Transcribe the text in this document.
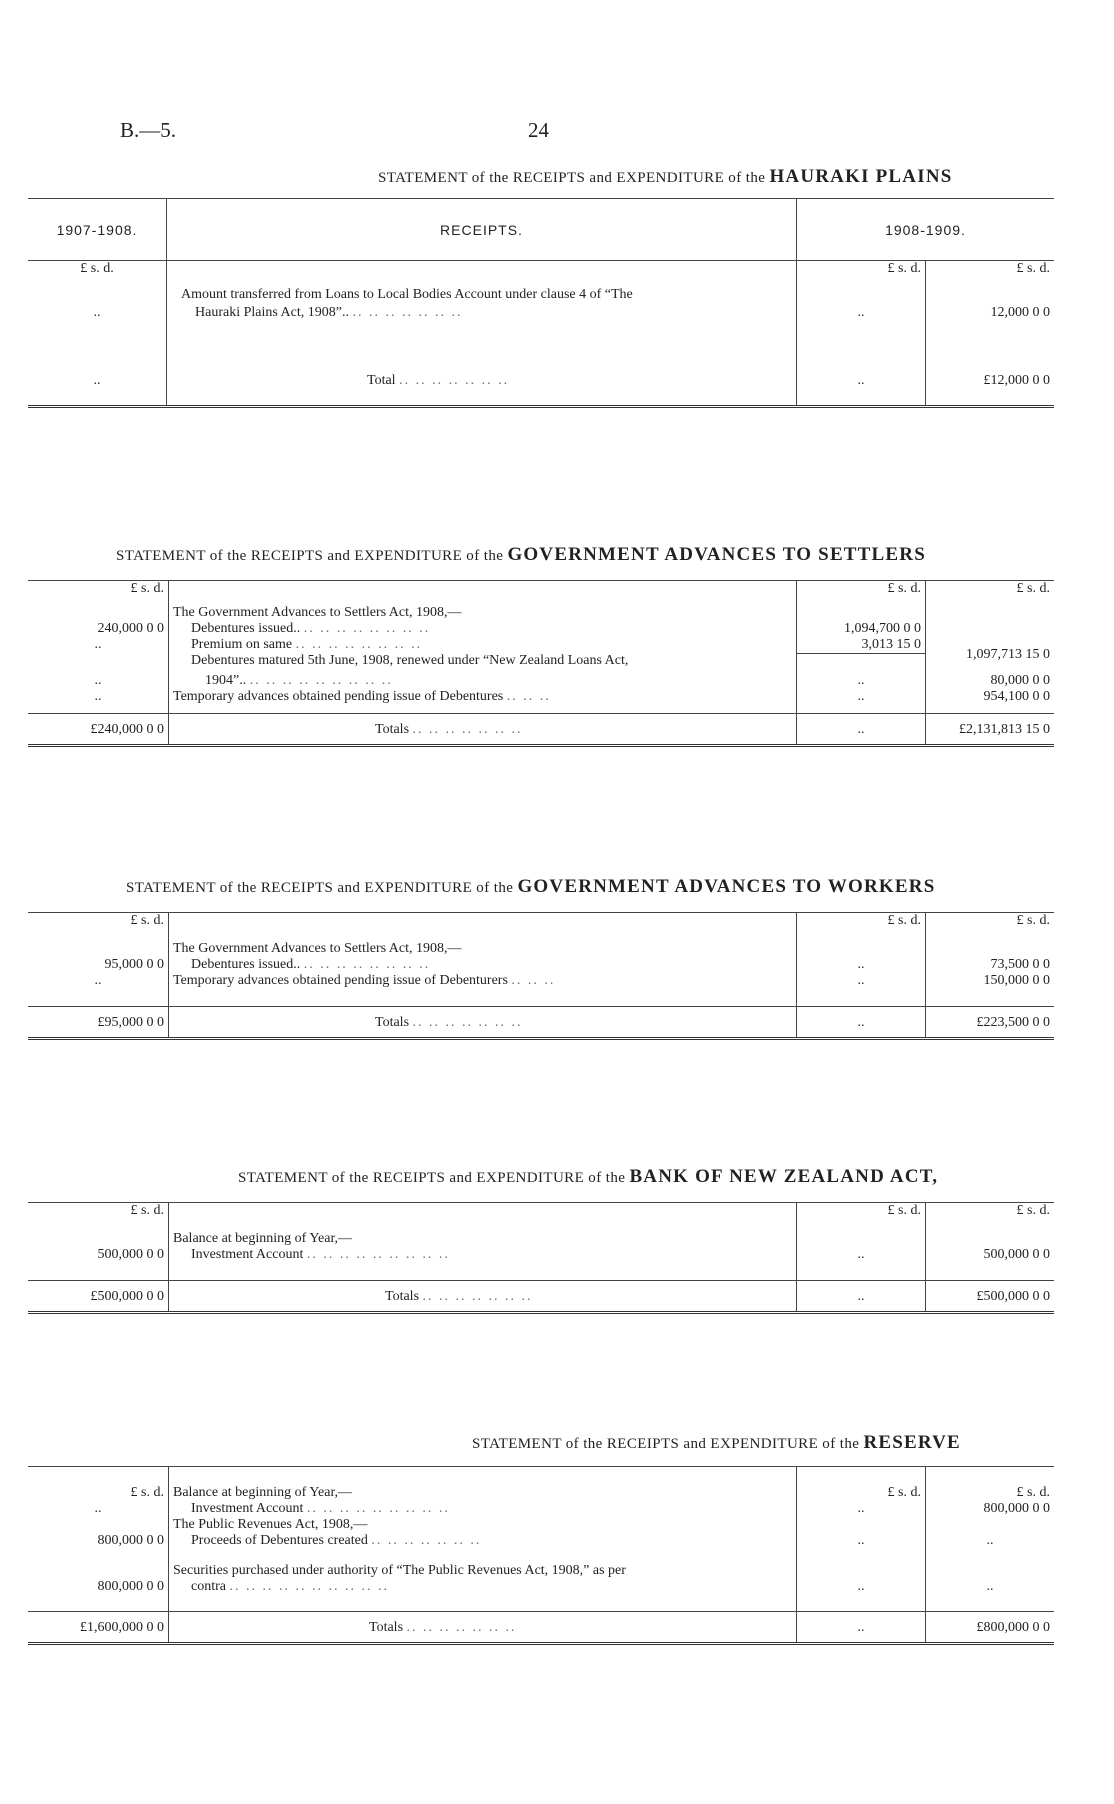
B.—5.	24
STATEMENT of the RECEIPTS and EXPENDITURE of the HAURAKI PLAINS
1907-1908.	RECEIPTS.	1908-1909.	
£ s. d.		£ s. d.	£ s. d.
	Amount transferred from Loans to Local Bodies Account under clause 4 of “The		
..	Hauraki Plains Act, 1908”.. .. .. .. .. .. .. ..	..	12,000 0 0
..	Total .. .. .. .. .. .. ..	..	£12,000 0 0
STATEMENT of the RECEIPTS and EXPENDITURE of the GOVERNMENT ADVANCES TO SETTLERS
£ s. d.		£ s. d.	£ s. d.
	The Government Advances to Settlers Act, 1908,—		
240,000 0 0	Debentures issued.. .. .. .. .. .. .. .. ..	1,094,700 0 0	
..	Premium on same .. .. .. .. .. .. .. ..	3,013 15 0	1,097,713 15 0
	Debentures matured 5th June, 1908, renewed under “New Zealand Loans Act,		
..	1904”.. .. .. .. .. .. .. .. .. ..	..	80,000 0 0
..	Temporary advances obtained pending issue of Debentures .. .. ..	..	954,100 0 0
£240,000 0 0	Totals .. .. .. .. .. .. ..	..	£2,131,813 15 0
STATEMENT of the RECEIPTS and EXPENDITURE of the GOVERNMENT ADVANCES TO WORKERS
£ s. d.		£ s. d.	£ s. d.
	The Government Advances to Settlers Act, 1908,—		
95,000 0 0	Debentures issued.. .. .. .. .. .. .. .. ..	..	73,500 0 0
..	Temporary advances obtained pending issue of Debenturers .. .. ..	..	150,000 0 0
£95,000 0 0	Totals .. .. .. .. .. .. ..	..	£223,500 0 0
STATEMENT of the RECEIPTS and EXPENDITURE of the BANK OF NEW ZEALAND ACT,
£ s. d.		£ s. d.	£ s. d.
	Balance at beginning of Year,—		
500,000 0 0	Investment Account .. .. .. .. .. .. .. .. ..	..	500,000 0 0
£500,000 0 0	Totals .. .. .. .. .. .. ..	..	£500,000 0 0
STATEMENT of the RECEIPTS and EXPENDITURE of the RESERVE
£ s. d.	Balance at beginning of Year,—	£ s. d.	£ s. d.
..	Investment Account .. .. .. .. .. .. .. .. ..	..	800,000 0 0
	The Public Revenues Act, 1908,—		
800,000 0 0	Proceeds of Debentures created .. .. .. .. .. .. ..	..	..
	Securities purchased under authority of “The Public Revenues Act, 1908,” as per		
800,000 0 0	contra .. .. .. .. .. .. .. .. .. ..	..	..
£1,600,000 0 0	Totals .. .. .. .. .. .. ..	..	£800,000 0 0
